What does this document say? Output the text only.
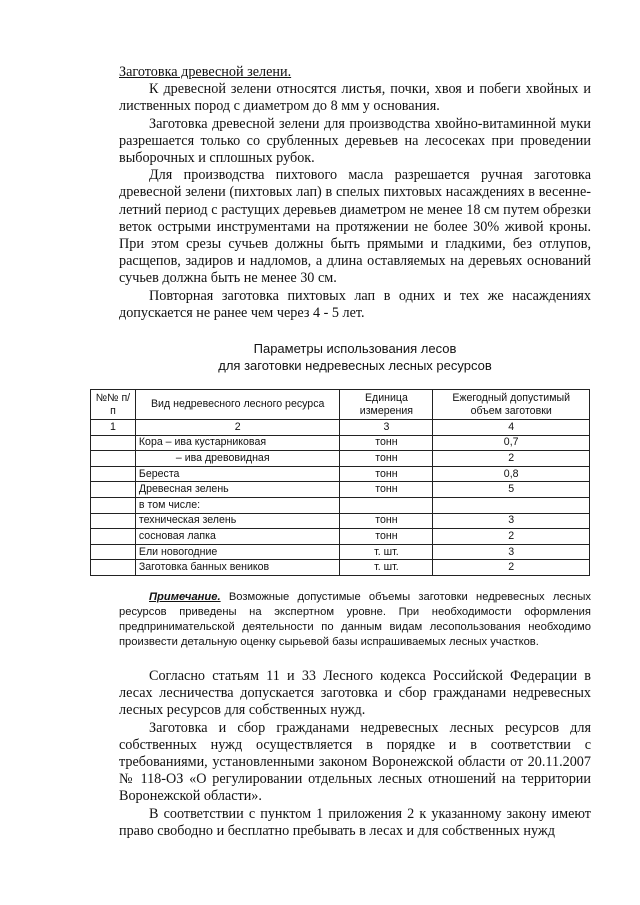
Заготовка древесной зелени.

К древесной зелени относятся листья, почки, хвоя и побеги хвойных и лиственных пород с диаметром до 8 мм у основания.

Заготовка древесной зелени для производства хвойно-витаминной муки разрешается только со срубленных деревьев на лесосеках при проведении выборочных и сплошных рубок.

Для производства пихтового масла разрешается ручная заготовка древесной зелени (пихтовых лап) в спелых пихтовых насаждениях в весенне-летний период с растущих деревьев диаметром не менее 18 см путем обрезки веток острыми инструментами на протяжении не более 30% живой кроны. При этом срезы сучьев должны быть прямыми и гладкими, без отлупов, расщепов, задиров и надломов, а длина оставляемых на деревьях оснований сучьев должна быть не менее 30 см.

Повторная заготовка пихтовых лап в одних и тех же насаждениях допускается не ранее чем через 4 - 5 лет.

Параметры использования лесов
для заготовки недревесных лесных ресурсов
№№ п/п	Вид недревесного лесного ресурса	Единица измерения	Ежегодный допустимый объем заготовки
1	2	3	4
	Кора – ива кустарниковая	тонн	0,7
	– ива древовидная	тонн	2
	Береста	тонн	0,8
	Древесная зелень	тонн	5
	в том числе:		
	техническая зелень	тонн	3
	сосновая лапка	тонн	2
	Ели новогодние	т. шт.	3
	Заготовка банных веников	т. шт.	2

Примечание. Возможные допустимые объемы заготовки недревесных лесных ресурсов приведены на экспертном уровне. При необходимости оформления предпринимательской деятельности по данным видам лесопользования необходимо произвести детальную оценку сырьевой базы испрашиваемых лесных участков.

Согласно статьям 11 и 33 Лесного кодекса Российской Федерации в лесах лесничества допускается заготовка и сбор гражданами недревесных лесных ресурсов для собственных нужд.

Заготовка и сбор гражданами недревесных лесных ресурсов для собственных нужд осуществляется в порядке и в соответствии с требованиями, установленными законом Воронежской области от 20.11.2007 № 118-ОЗ «О регулировании отдельных лесных отношений на территории Воронежской области».

В соответствии с пунктом 1 приложения 2 к указанному закону имеют право свободно и бесплатно пребывать в лесах и для собственных нужд
